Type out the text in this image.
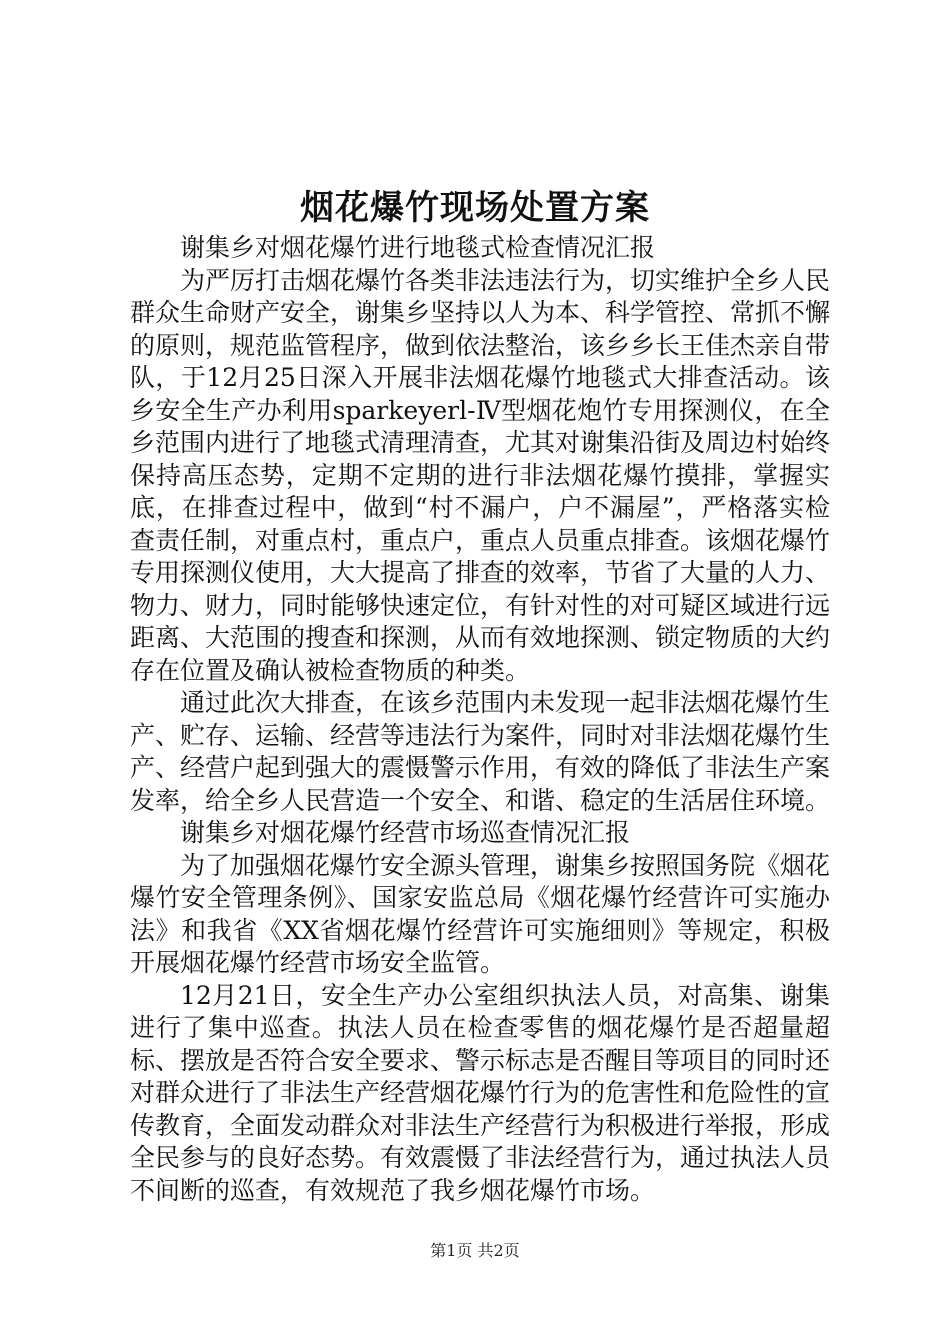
烟花爆竹现场处置方案

谢集乡对烟花爆竹进行地毯式检查情况汇报

为严厉打击烟花爆竹各类非法违法行为，切实维护全乡人民群众生命财产安全，谢集乡坚持以人为本、科学管控、常抓不懈的原则，规范监管程序，做到依法整治，该乡乡长王佳杰亲自带队，于12月25日深入开展非法烟花爆竹地毯式大排查活动。该乡安全生产办利用sparkeyerl-Ⅳ型烟花炮竹专用探测仪，在全乡范围内进行了地毯式清理清查，尤其对谢集沿街及周边村始终保持高压态势，定期不定期的进行非法烟花爆竹摸排，掌握实底，在排查过程中，做到“村不漏户，户不漏屋”，严格落实检查责任制，对重点村，重点户，重点人员重点排查。该烟花爆竹专用探测仪使用，大大提高了排查的效率，节省了大量的人力、物力、财力，同时能够快速定位，有针对性的对可疑区域进行远距离、大范围的搜查和探测，从而有效地探测、锁定物质的大约存在位置及确认被检查物质的种类。

通过此次大排查，在该乡范围内未发现一起非法烟花爆竹生产、贮存、运输、经营等违法行为案件，同时对非法烟花爆竹生产、经营户起到强大的震慑警示作用，有效的降低了非法生产案发率，给全乡人民营造一个安全、和谐、稳定的生活居住环境。

谢集乡对烟花爆竹经营市场巡查情况汇报

为了加强烟花爆竹安全源头管理，谢集乡按照国务院《烟花爆竹安全管理条例》、国家安监总局《烟花爆竹经营许可实施办法》和我省《XX省烟花爆竹经营许可实施细则》等规定，积极开展烟花爆竹经营市场安全监管。

12月21日，安全生产办公室组织执法人员，对高集、谢集进行了集中巡查。执法人员在检查零售的烟花爆竹是否超量超标、摆放是否符合安全要求、警示标志是否醒目等项目的同时还对群众进行了非法生产经营烟花爆竹行为的危害性和危险性的宣传教育，全面发动群众对非法生产经营行为积极进行举报，形成全民参与的良好态势。有效震慑了非法经营行为，通过执法人员不间断的巡查，有效规范了我乡烟花爆竹市场。

第1页 共2页
